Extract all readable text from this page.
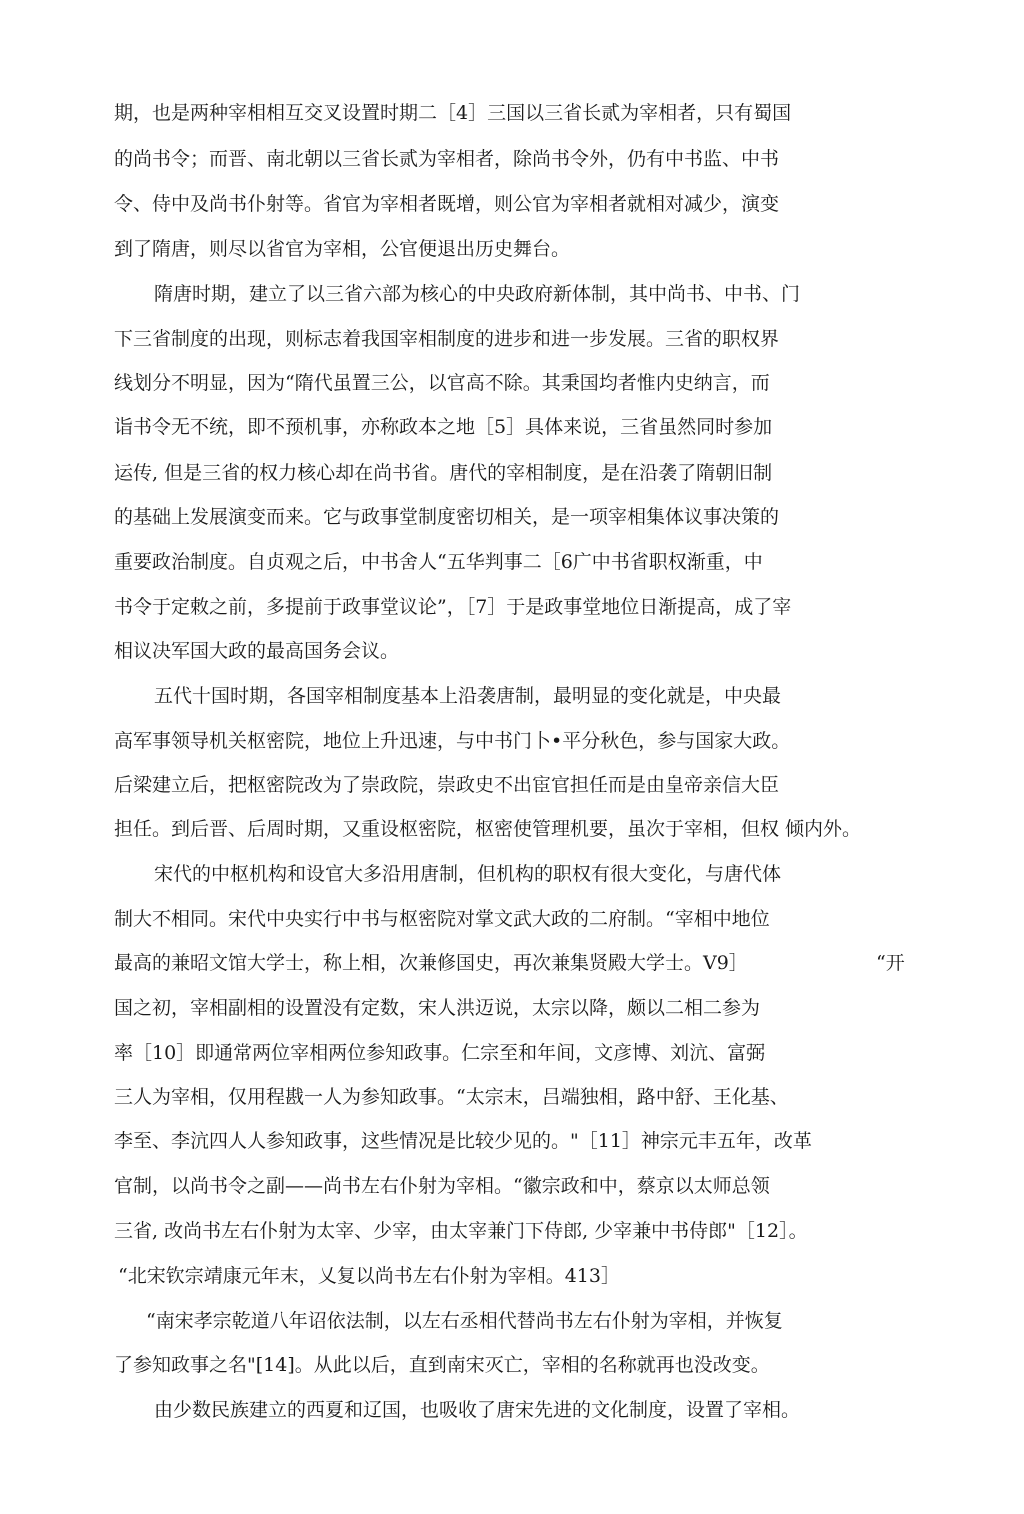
期，也是两种宰相相互交叉设置时期二［4］三国以三省长贰为宰相者，只有蜀国

的尚书令；而晋、南北朝以三省长贰为宰相者，除尚书令外，仍有中书监、中书

令、侍中及尚书仆射等。省官为宰相者既增，则公官为宰相者就相对减少，演变

到了隋唐，则尽以省官为宰相，公官便退出历史舞台。

隋唐时期，建立了以三省六部为核心的中央政府新体制，其中尚书、中书、门

下三省制度的出现，则标志着我国宰相制度的进步和进一步发展。三省的职权界

线划分不明显，因为“隋代虽置三公，以官高不除。其秉国均者惟内史纳言，而

诣书令无不统，即不预机事，亦称政本之地［5］具体来说，三省虽然同时参加

运传, 但是三省的权力核心却在尚书省。唐代的宰相制度，是在沿袭了隋朝旧制

的基础上发展演变而来。它与政事堂制度密切相关，是一项宰相集体议事决策的

重要政治制度。自贞观之后，中书舍人“五华判事二［6广中书省职权渐重，中

书令于定敕之前，多提前于政事堂议论”，［7］于是政事堂地位日渐提高，成了宰

相议决军国大政的最高国务会议。

五代十国时期，各国宰相制度基本上沿袭唐制，最明显的变化就是，中央最

高军事领导机关枢密院，地位上升迅速，与中书门卜•平分秋色，参与国家大政。

后梁建立后，把枢密院改为了崇政院，崇政史不出宦官担任而是由皇帝亲信大臣

担任。到后晋、后周时期，又重设枢密院，枢密使管理机要，虽次于宰相，但权 倾内外。

宋代的中枢机构和设官大多沿用唐制，但机构的职权有很大变化，与唐代体

制大不相同。宋代中央实行中书与枢密院对掌文武大政的二府制。“宰相中地位

最高的兼昭文馆大学士，称上相，次兼修国史，再次兼集贤殿大学士。V9］	“开

国之初，宰相副相的设置没有定数，宋人洪迈说，太宗以降，颇以二相二参为

率［10］即通常两位宰相两位参知政事。仁宗至和年间，文彦博、刘沆、富弼

三人为宰相，仅用程戡一人为参知政事。“太宗末，吕端独相，路中舒、王化基、

李至、李沆四人人参知政事，这些情况是比较少见的。"［11］神宗元丰五年，改革

官制，以尚书令之副——尚书左右仆射为宰相。“徽宗政和中，蔡京以太师总领

三省, 改尚书左右仆射为太宰、少宰，由太宰兼门下侍郎, 少宰兼中书侍郎"［12］。

“北宋钦宗靖康元年末，乂复以尚书左右仆射为宰相。413］

“南宋孝宗乾道八年诏依法制，以左右丞相代替尚书左右仆射为宰相，并恢复

了参知政事之名"[14]。从此以后，直到南宋灭亡，宰相的名称就再也没改变。

由少数民族建立的西夏和辽国，也吸收了唐宋先进的文化制度，设置了宰相。
